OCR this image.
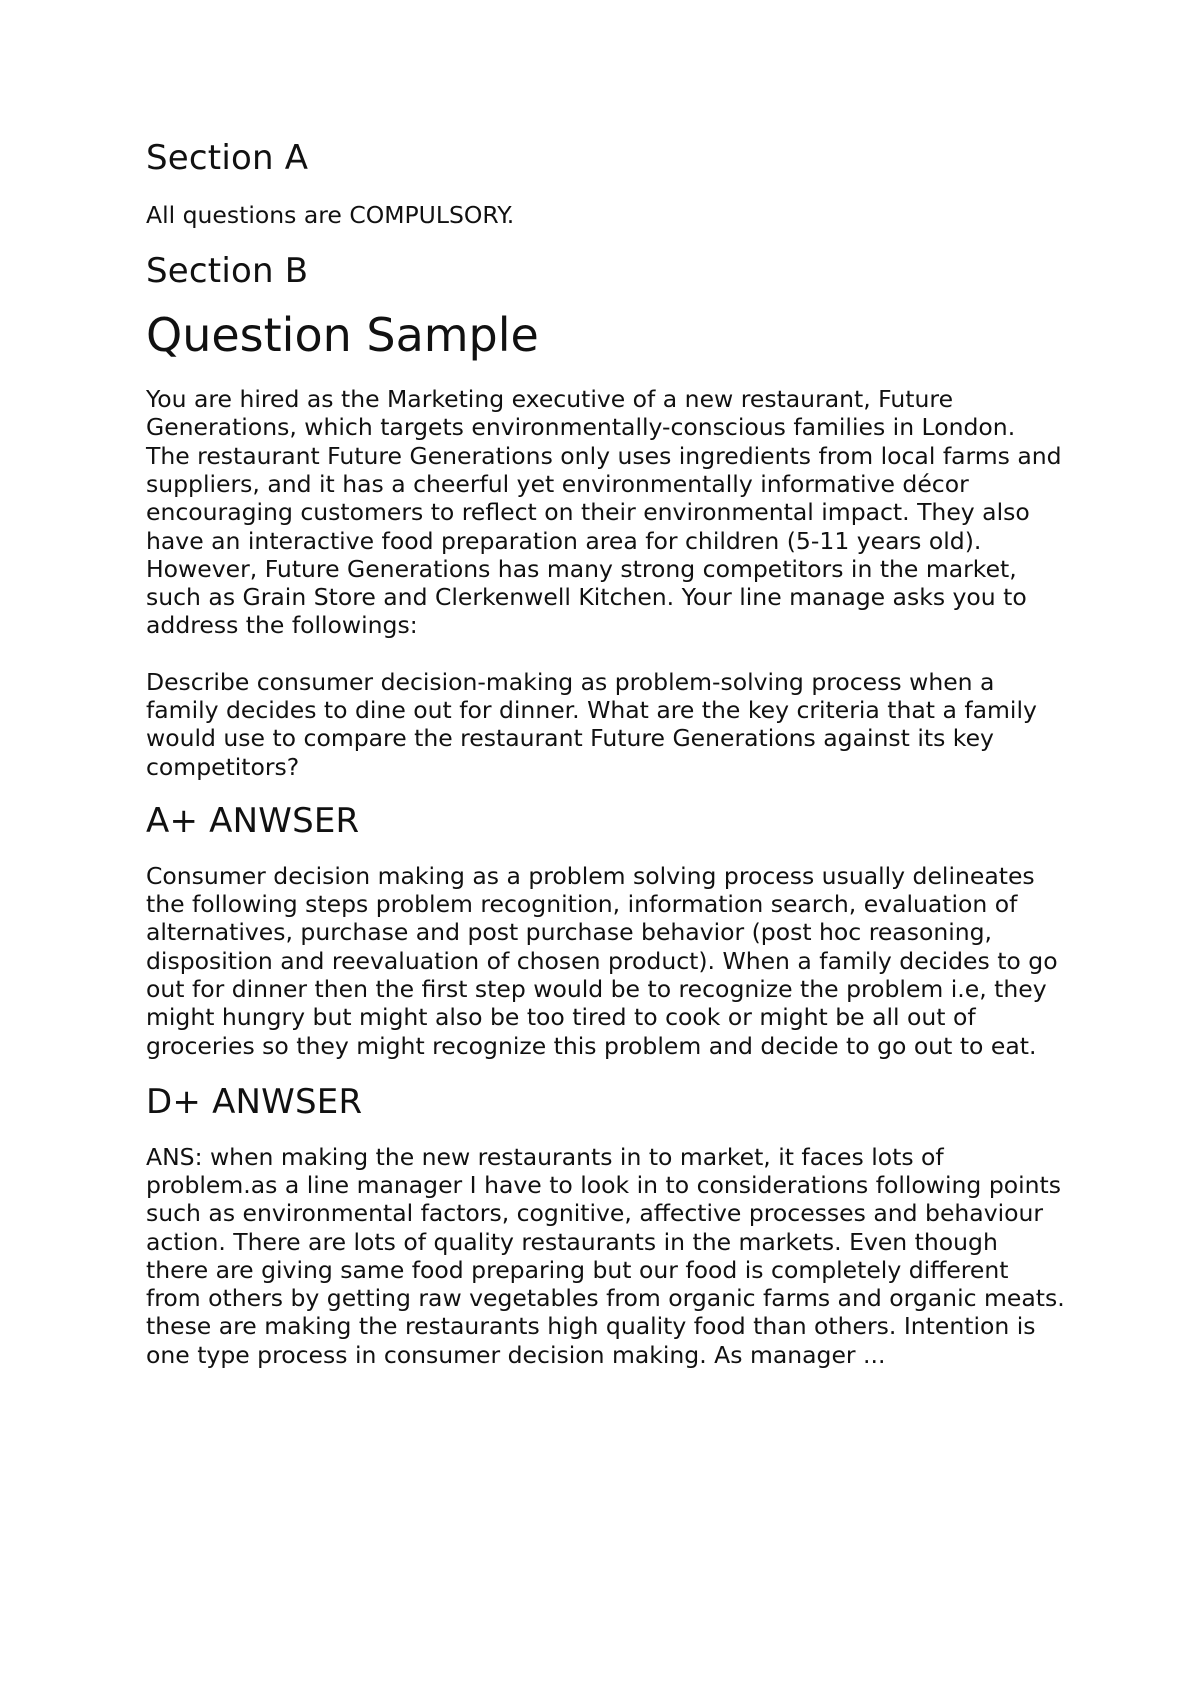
Section A

All questions are COMPULSORY.

Section B
Question Sample

You are hired as the Marketing executive of a new restaurant, Future Generations, which targets environmentally-conscious families in London. The restaurant Future Generations only uses ingredients from local farms and suppliers, and it has a cheerful yet environmentally informative décor encouraging customers to reflect on their environmental impact. They also have an interactive food preparation area for children (5-11 years old). However, Future Generations has many strong competitors in the market, such as Grain Store and Clerkenwell Kitchen. Your line manage asks you to address the followings:

Describe consumer decision-making as problem-solving process when a family decides to dine out for dinner. What are the key criteria that a family would use to compare the restaurant Future Generations against its key competitors?

A+ ANWSER

Consumer decision making as a problem solving process usually delineates the following steps problem recognition, information search, evaluation of alternatives, purchase and post purchase behavior (post hoc reasoning, disposition and reevaluation of chosen product). When a family decides to go out for dinner then the first step would be to recognize the problem i.e, they might hungry but might also be too tired to cook or might be all out of groceries so they might recognize this problem and decide to go out to eat.

D+ ANWSER

ANS: when making the new restaurants in to market, it faces lots of problem.as a line manager I have to look in to considerations following points such as environmental factors, cognitive, affective processes and behaviour action. There are lots of quality restaurants in the markets. Even though there are giving same food preparing but our food is completely different from others by getting raw vegetables from organic farms and organic meats. these are making the restaurants high quality food than others. Intention is one type process in consumer decision making. As manager ...
